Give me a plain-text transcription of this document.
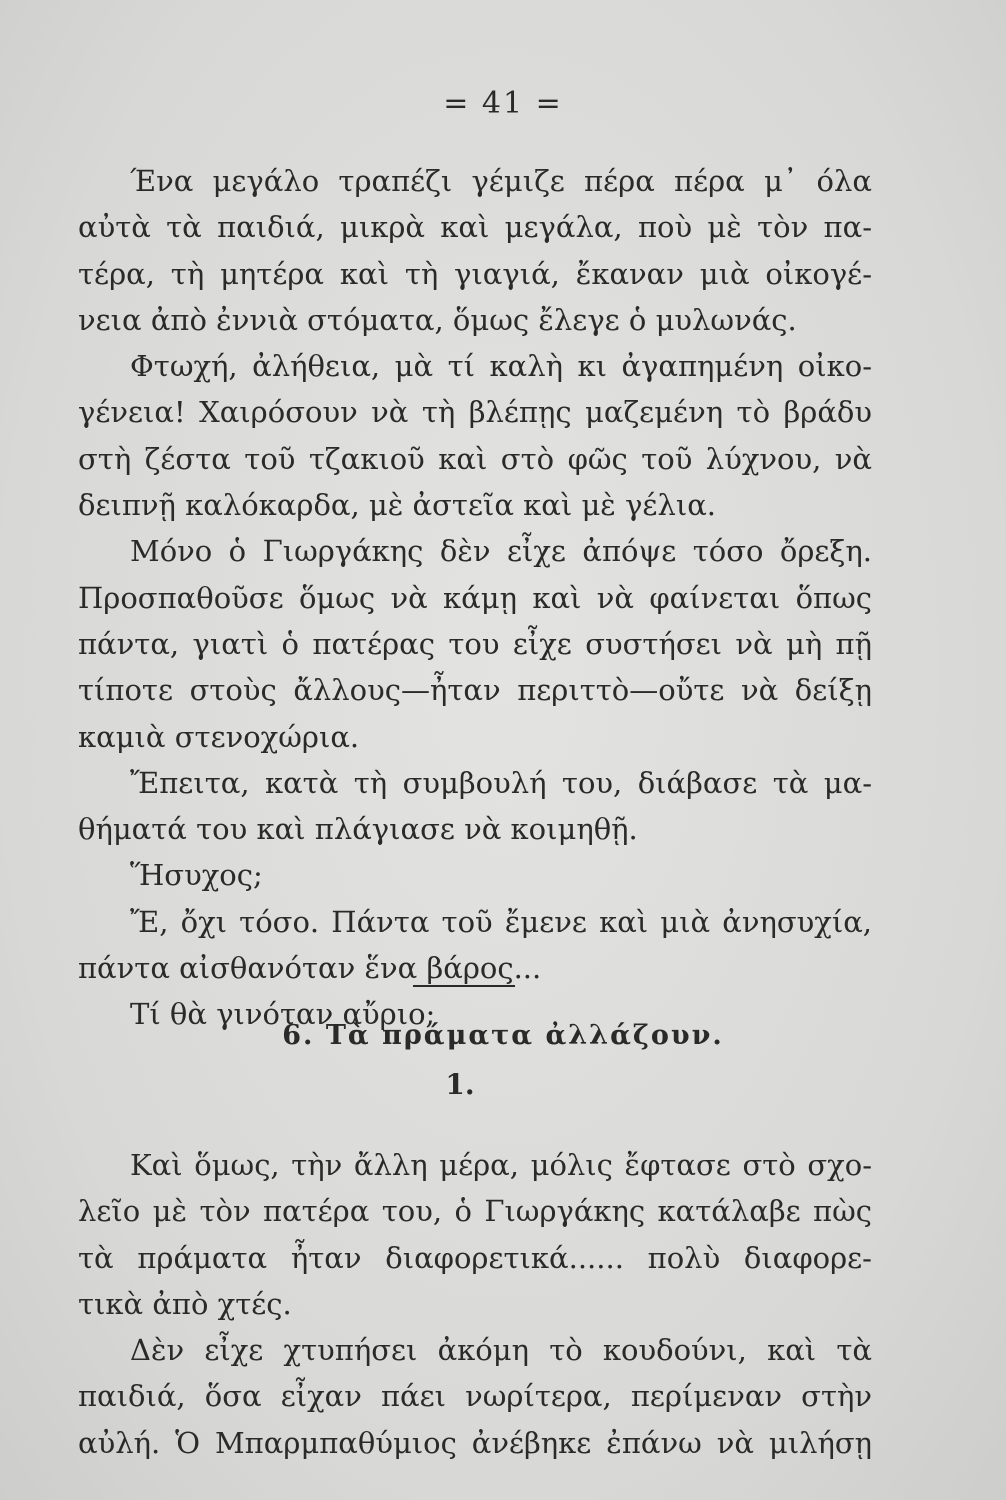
= 41 =
Ένα μεγάλο τραπέζι γέμιζε πέρα πέρα μ᾽ όλα
αὐτὰ τὰ παιδιά, μικρὰ καὶ μεγάλα, ποὺ μὲ τὸν πα-
τέρα, τὴ μητέρα καὶ τὴ γιαγιά, ἔκαναν μιὰ οἰκογέ-
νεια ἀπὸ ἐννιὰ στόματα, ὅμως ἔλεγε ὁ μυλωνάς.
Φτωχή, ἀλήθεια, μὰ τί καλὴ κι ἀγαπημένη οἰκο-
γένεια! Χαιρόσουν νὰ τὴ βλέπῃς μαζεμένη τὸ βράδυ
στὴ ζέστα τοῦ τζακιοῦ καὶ στὸ φῶς τοῦ λύχνου, νὰ
δειπνῇ καλόκαρδα, μὲ ἀστεῖα καὶ μὲ γέλια.
Μόνο ὁ Γιωργάκης δὲν εἶχε ἀπόψε τόσο ὄρεξη.
Προσπαθοῦσε ὅμως νὰ κάμῃ καὶ νὰ φαίνεται ὅπως
πάντα, γιατὶ ὁ πατέρας του εἶχε συστήσει νὰ μὴ πῇ
τίποτε στοὺς ἄλλους—ἦταν περιττὸ—οὔτε νὰ δείξῃ
καμιὰ στενοχώρια.
Ἔπειτα, κατὰ τὴ συμβουλή του, διάβασε τὰ μα-
θήματά του καὶ πλάγιασε νὰ κοιμηθῇ.
Ἥσυχος;
Ἔ, ὄχι τόσο. Πάντα τοῦ ἔμενε καὶ μιὰ ἀνησυχία,
πάντα αἰσθανόταν ἕνα βάρος...
Τί θὰ γινόταν αὔριο;
6. Τὰ πράματα ἀλλάζουν.
1.
Καὶ ὅμως, τὴν ἄλλη μέρα, μόλις ἔφτασε στὸ σχο-
λεῖο μὲ τὸν πατέρα του, ὁ Γιωργάκης κατάλαβε πὼς
τὰ πράματα ἦταν διαφορετικά...... πολὺ διαφορε-
τικὰ ἀπὸ χτές.
Δὲν εἶχε χτυπήσει ἀκόμη τὸ κουδούνι, καὶ τὰ
παιδιά, ὅσα εἶχαν πάει νωρίτερα, περίμεναν στὴν
αὐλή. Ὁ Μπαρμπαθύμιος ἀνέβηκε ἐπάνω νὰ μιλήσῃ
